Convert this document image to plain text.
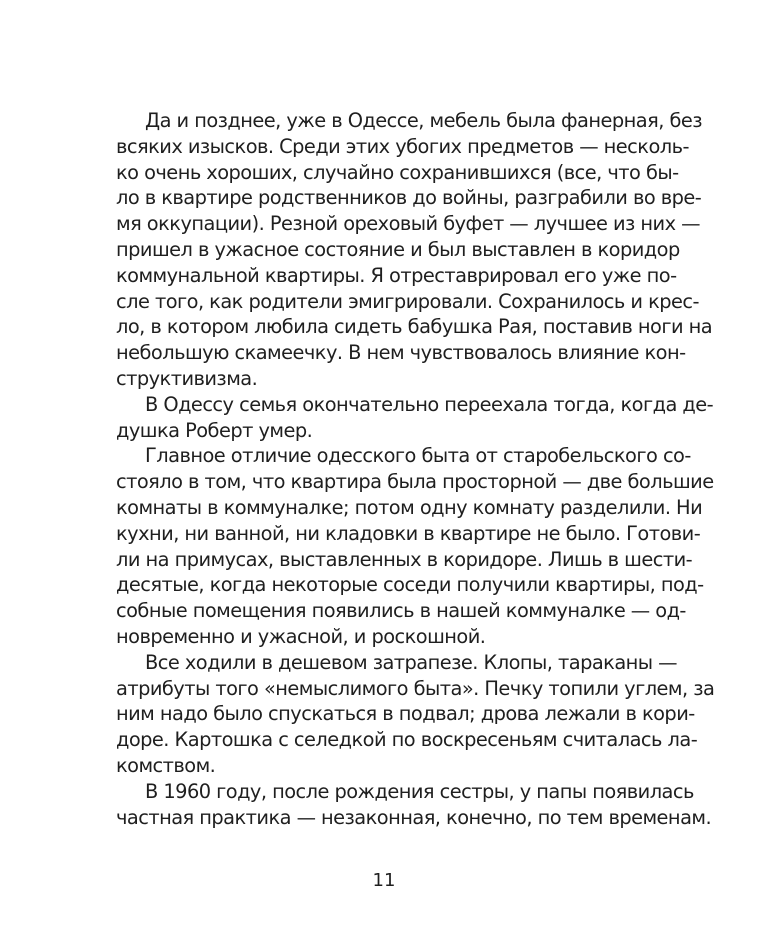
Да и позднее, уже в Одессе, мебель была фанерная, без
всяких изысков. Среди этих убогих предметов — несколь-
ко очень хороших, случайно сохранившихся (все, что бы-
ло в квартире родственников до войны, разграбили во вре-
мя оккупации). Резной ореховый буфет — лучшее из них —
пришел в ужасное состояние и был выставлен в коридор
коммунальной квартиры. Я отреставрировал его уже по-
сле того, как родители эмигрировали. Сохранилось и крес-
ло, в котором любила сидеть бабушка Рая, поставив ноги на
небольшую скамеечку. В нем чувствовалось влияние кон-
структивизма.
В Одессу семья окончательно переехала тогда, когда де-
душка Роберт умер.
Главное отличие одесского быта от старобельского со-
стояло в том, что квартира была просторной — две большие
комнаты в коммуналке; потом одну комнату разделили. Ни
кухни, ни ванной, ни кладовки в квартире не было. Готови-
ли на примусах, выставленных в коридоре. Лишь в шести-
десятые, когда некоторые соседи получили квартиры, под-
собные помещения появились в нашей коммуналке — од-
новременно и ужасной, и роскошной.
Все ходили в дешевом затрапезе. Клопы, тараканы —
атрибуты того «немыслимого быта». Печку топили углем, за
ним надо было спускаться в подвал; дрова лежали в кори-
доре. Картошка с селедкой по воскресеньям считалась ла-
комством.
В 1960 году, после рождения сестры, у папы появилась
частная практика — незаконная, конечно, по тем временам.
11
